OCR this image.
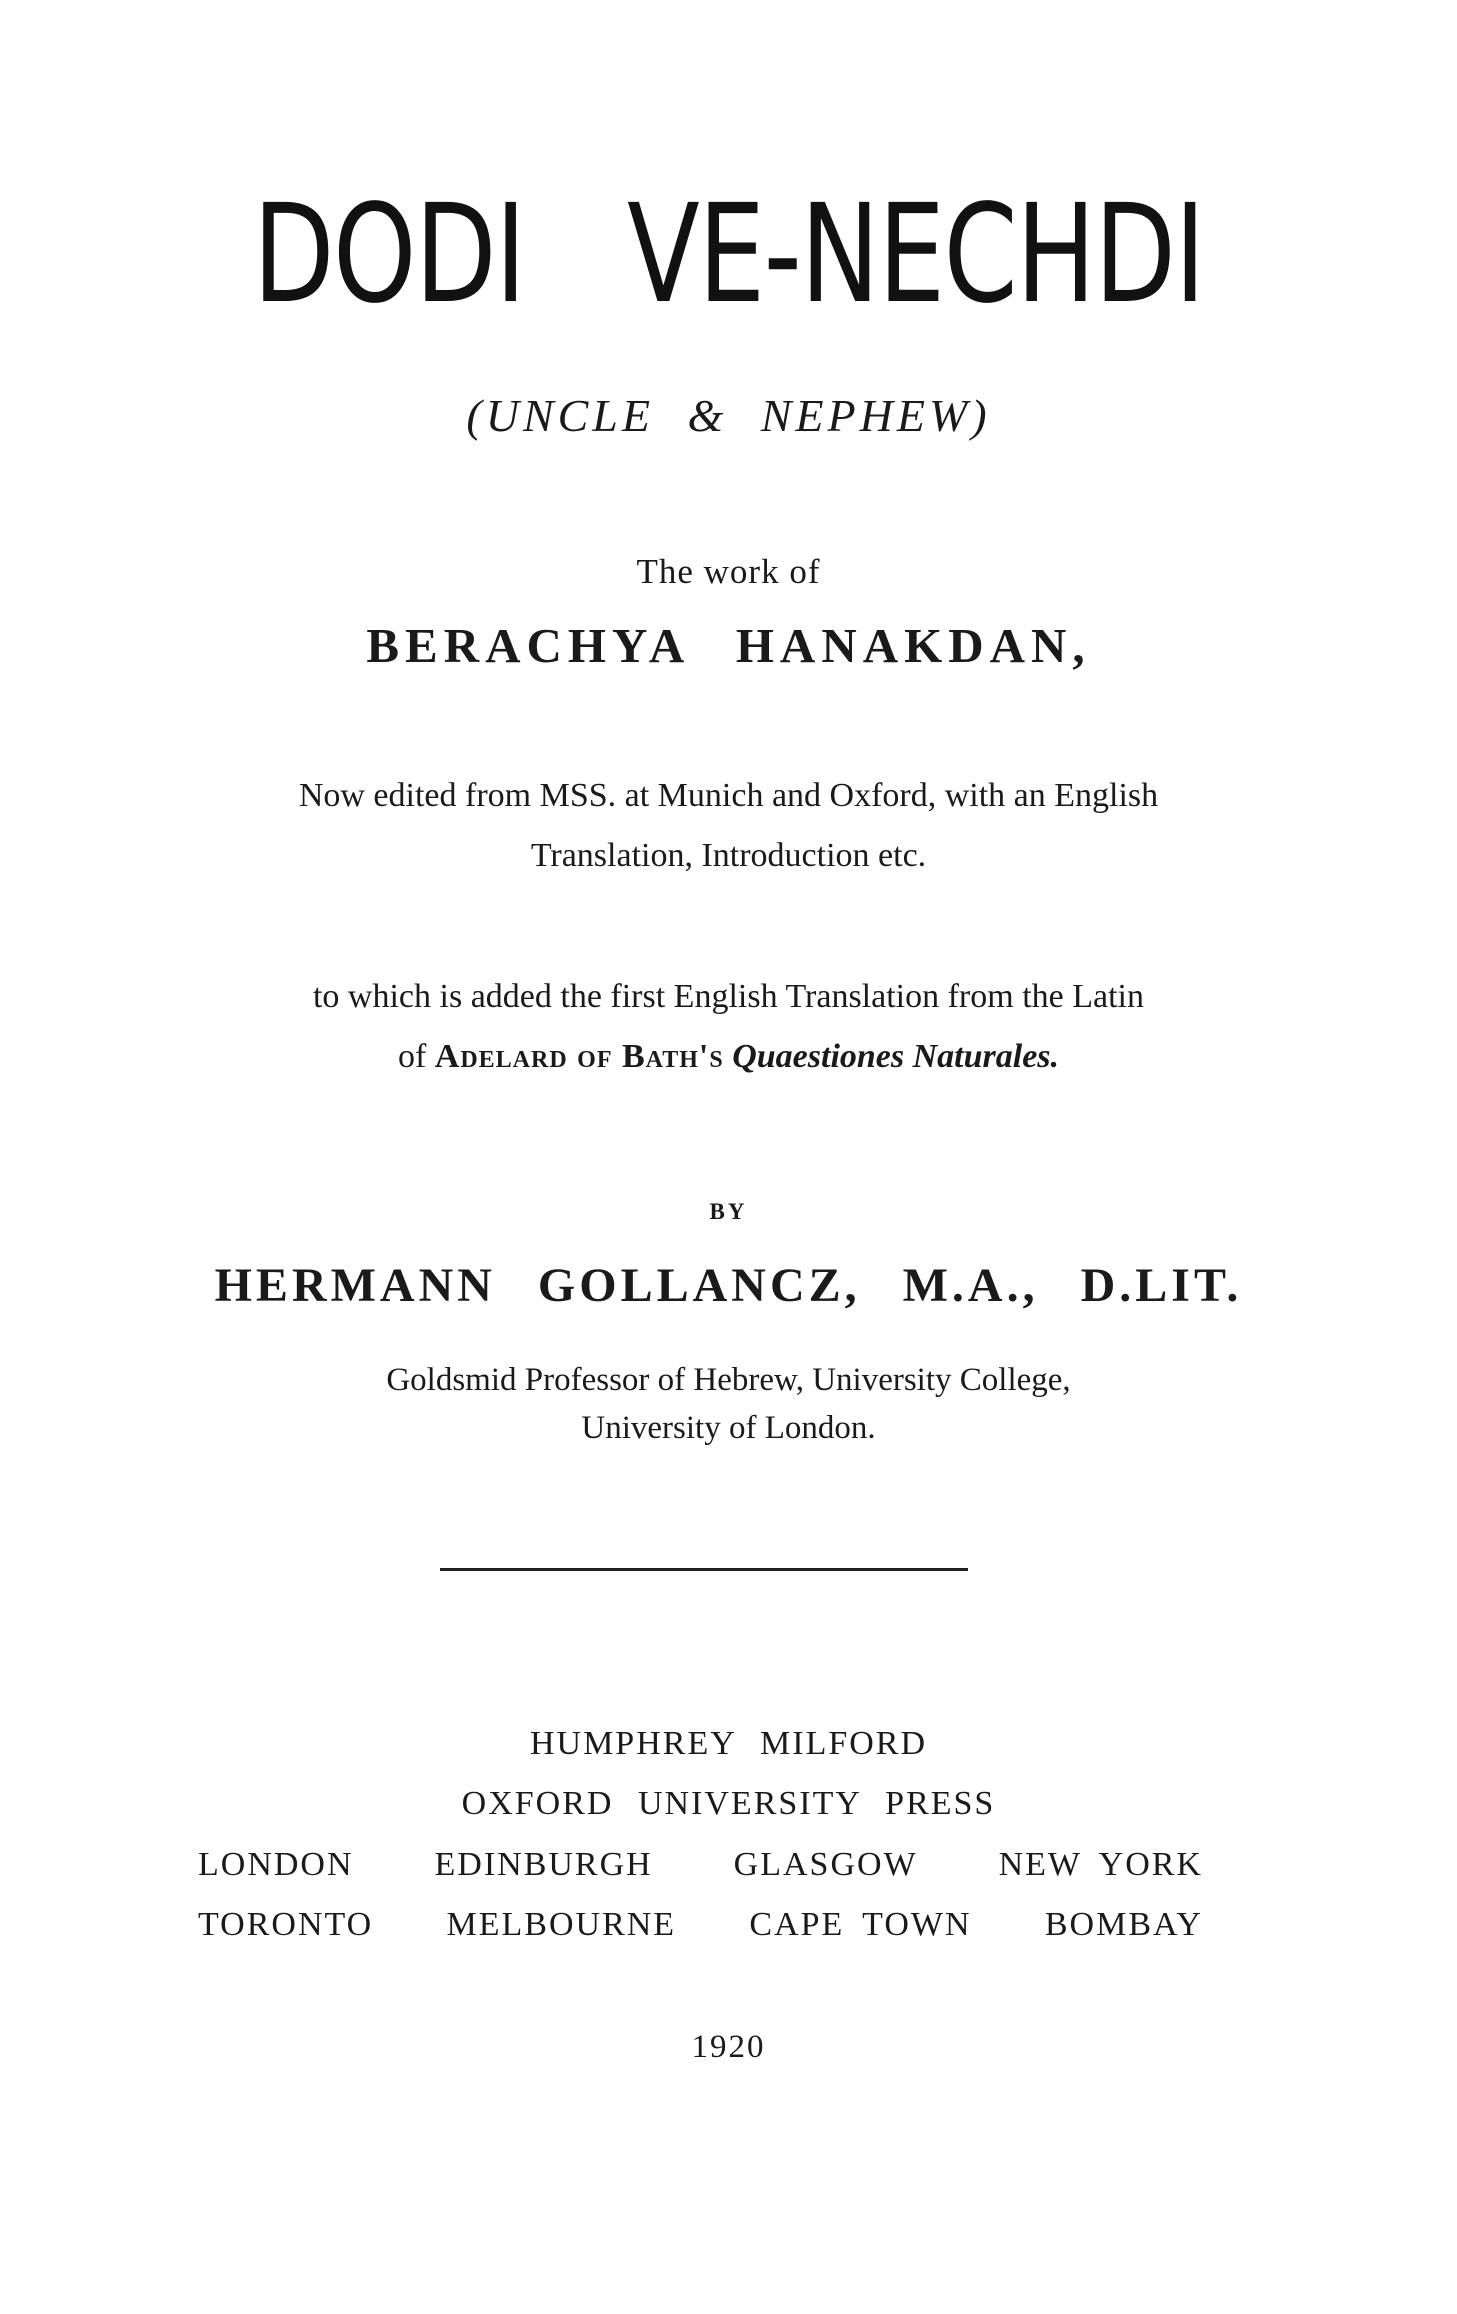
DODI VE-NECHDI
(UNCLE & NEPHEW)
The work of
BERACHYA HANAKDAN,
Now edited from MSS. at Munich and Oxford, with an English
Translation, Introduction etc.
to which is added the first English Translation from the Latin
of Adelard of Bath's Quaestiones Naturales.
BY
HERMANN GOLLANCZ, M.A., D.LIT.
Goldsmid Professor of Hebrew, University College,
University of London.
HUMPHREY MILFORD
OXFORD UNIVERSITY PRESS
LONDON EDINBURGH GLASGOW NEW YORK
TORONTO MELBOURNE CAPE TOWN BOMBAY
1920
